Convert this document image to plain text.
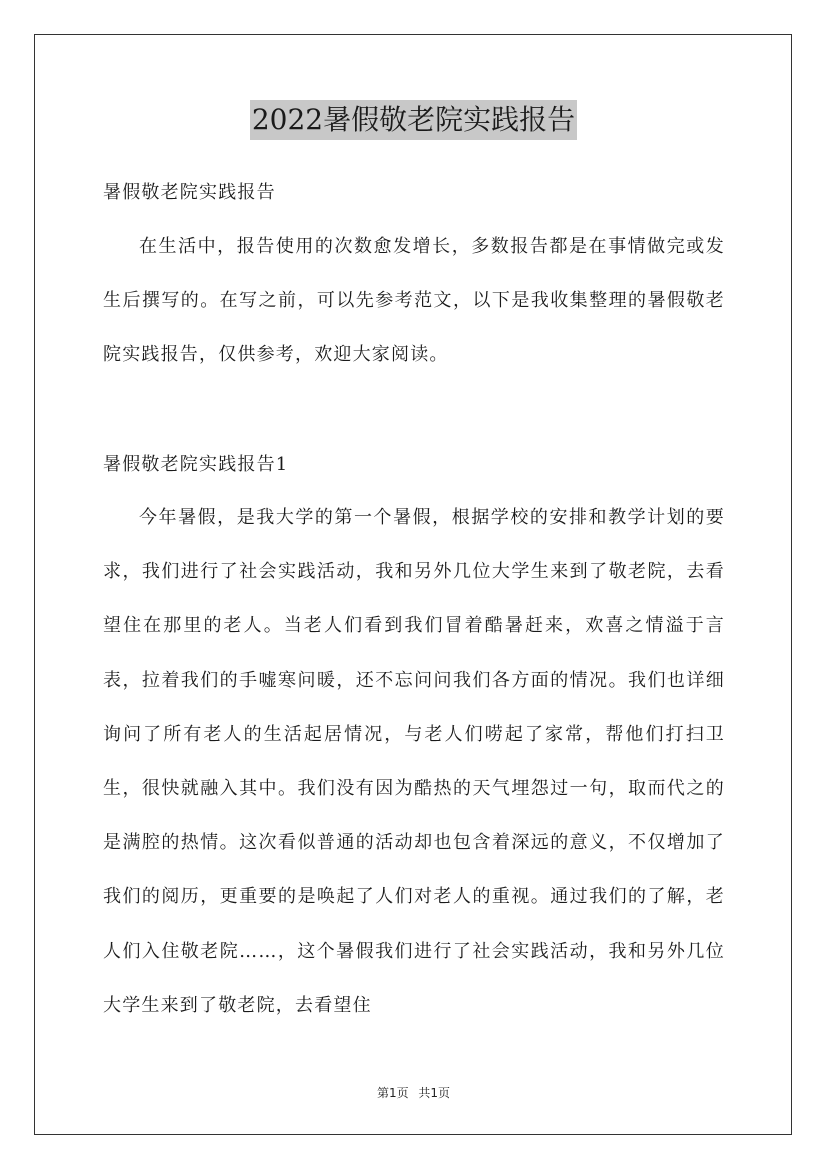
2022暑假敬老院实践报告
暑假敬老院实践报告

在生活中，报告使用的次数愈发增长，多数报告都是在事情做完或发生后撰写的。在写之前，可以先参考范文，以下是我收集整理的暑假敬老院实践报告，仅供参考，欢迎大家阅读。

暑假敬老院实践报告1

今年暑假，是我大学的第一个暑假，根据学校的安排和教学计划的要求，我们进行了社会实践活动，我和另外几位大学生来到了敬老院，去看望住在那里的老人。当老人们看到我们冒着酷暑赶来，欢喜之情溢于言表，拉着我们的手嘘寒问暖，还不忘问问我们各方面的情况。我们也详细询问了所有老人的生活起居情况，与老人们唠起了家常，帮他们打扫卫生，很快就融入其中。我们没有因为酷热的天气埋怨过一句，取而代之的是满腔的热情。这次看似普通的活动却也包含着深远的意义，不仅增加了我们的阅历，更重要的是唤起了人们对老人的重视。通过我们的了解，老人们入住敬老院……，这个暑假我们进行了社会实践活动，我和另外几位大学生来到了敬老院，去看望住

第1页 共1页
